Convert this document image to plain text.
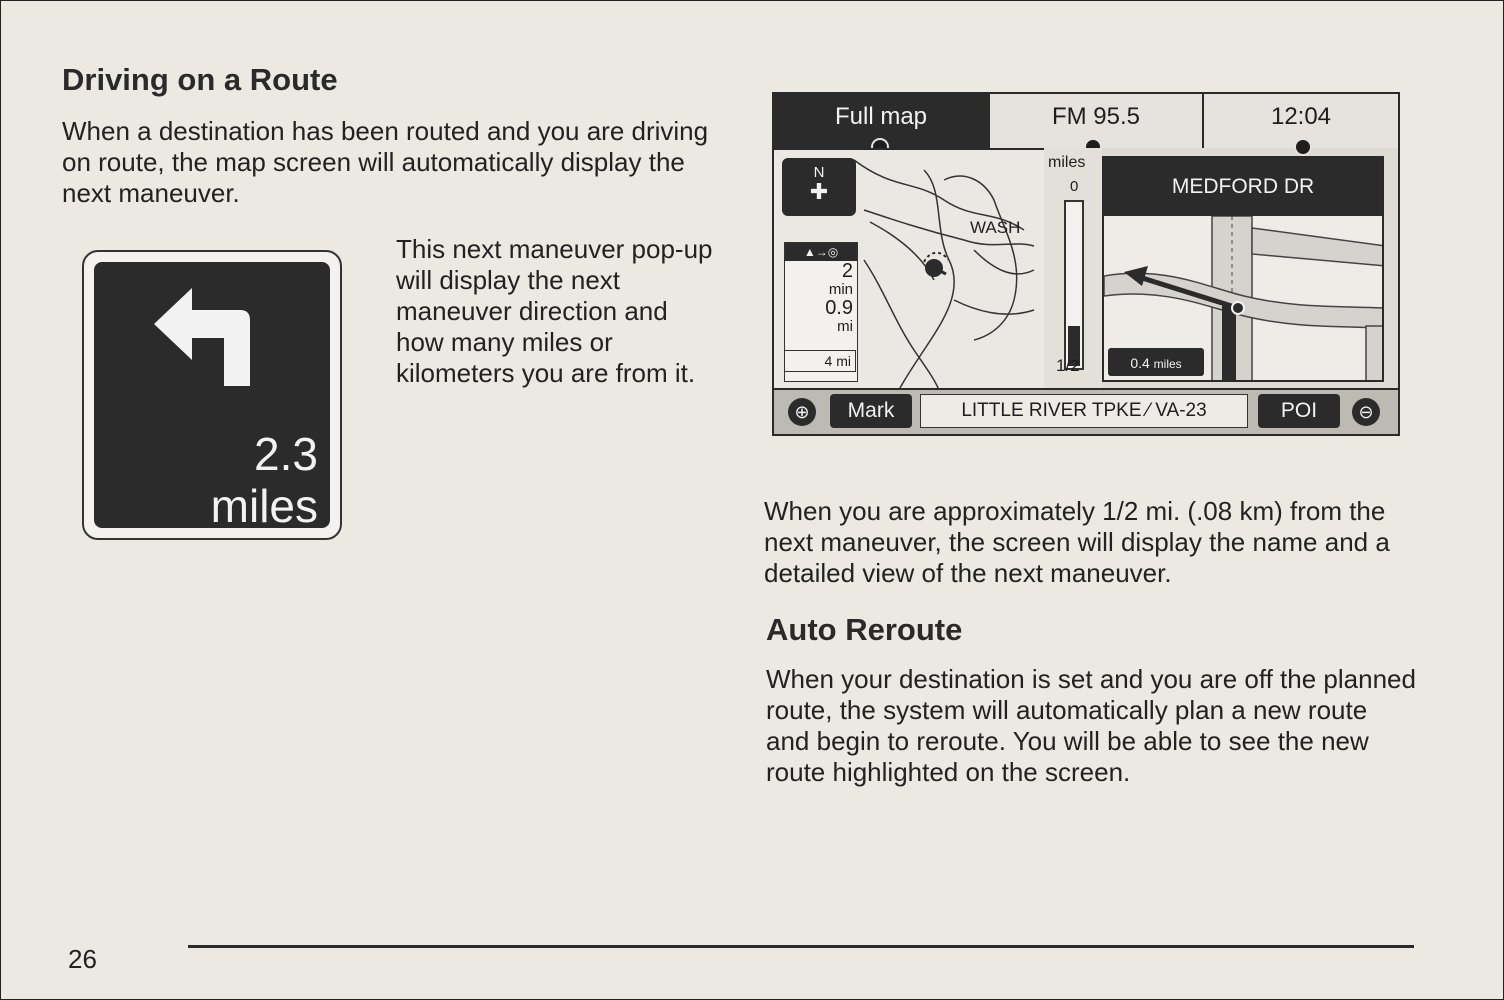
Driving on a Route

When a destination has been routed and you are driving on route, the map screen will automatically display the next maneuver.

This next maneuver pop-up will display the next maneuver direction and how many miles or kilometers you are from it.

2.3
miles
Full map	FM 95.5	12:04
N
✚
WASH
▲→◎
2
min
0.9
mi
4 mi
miles
0
1/2
MEDFORD DR
0.4 miles
⊕	Mark	LITTLE RIVER TPKE ⁄ VA-23	POI	⊖

When you are approximately 1/2 mi. (.08 km) from the next maneuver, the screen will display the name and a detailed view of the next maneuver.

Auto Reroute

When your destination is set and you are off the planned route, the system will automatically plan a new route and begin to reroute. You will be able to see the new route highlighted on the screen.

26
